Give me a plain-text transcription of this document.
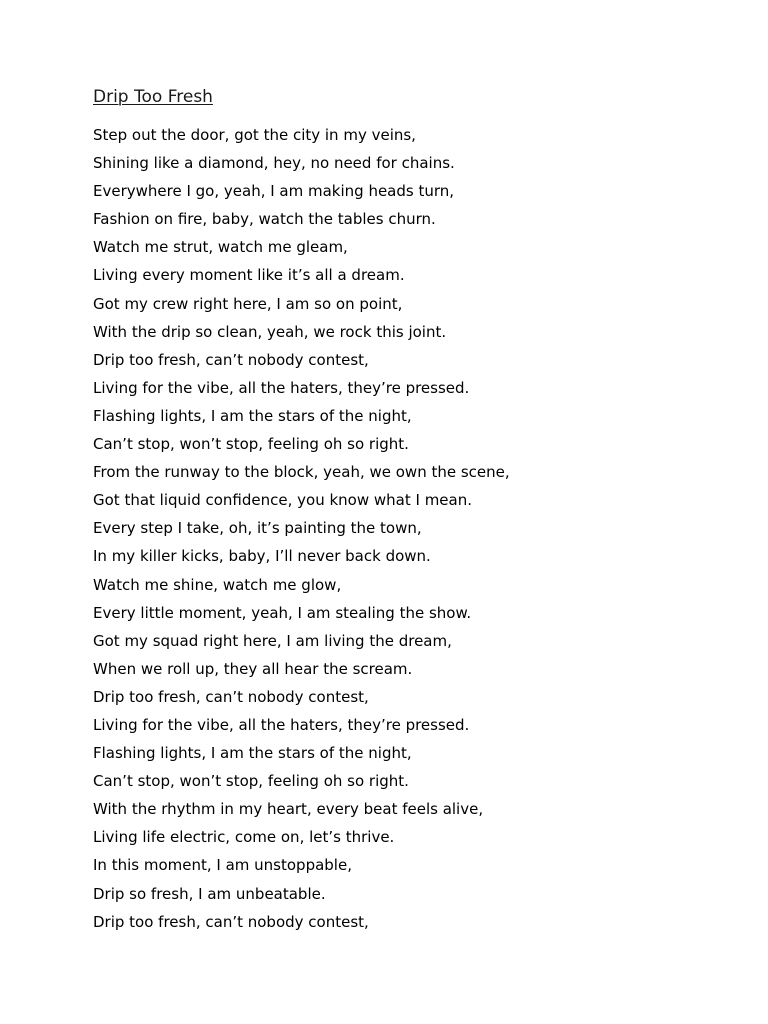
Drip Too Fresh
Step out the door, got the city in my veins,
Shining like a diamond, hey, no need for chains.
Everywhere I go, yeah, I am making heads turn,
Fashion on fire, baby, watch the tables churn.
Watch me strut, watch me gleam,
Living every moment like it’s all a dream.
Got my crew right here, I am so on point,
With the drip so clean, yeah, we rock this joint.
Drip too fresh, can’t nobody contest,
Living for the vibe, all the haters, they’re pressed.
Flashing lights, I am the stars of the night,
Can’t stop, won’t stop, feeling oh so right.
From the runway to the block, yeah, we own the scene,
Got that liquid confidence, you know what I mean.
Every step I take, oh, it’s painting the town,
In my killer kicks, baby, I’ll never back down.
Watch me shine, watch me glow,
Every little moment, yeah, I am stealing the show.
Got my squad right here, I am living the dream,
When we roll up, they all hear the scream.
Drip too fresh, can’t nobody contest,
Living for the vibe, all the haters, they’re pressed.
Flashing lights, I am the stars of the night,
Can’t stop, won’t stop, feeling oh so right.
With the rhythm in my heart, every beat feels alive,
Living life electric, come on, let’s thrive.
In this moment, I am unstoppable,
Drip so fresh, I am unbeatable.
Drip too fresh, can’t nobody contest,
